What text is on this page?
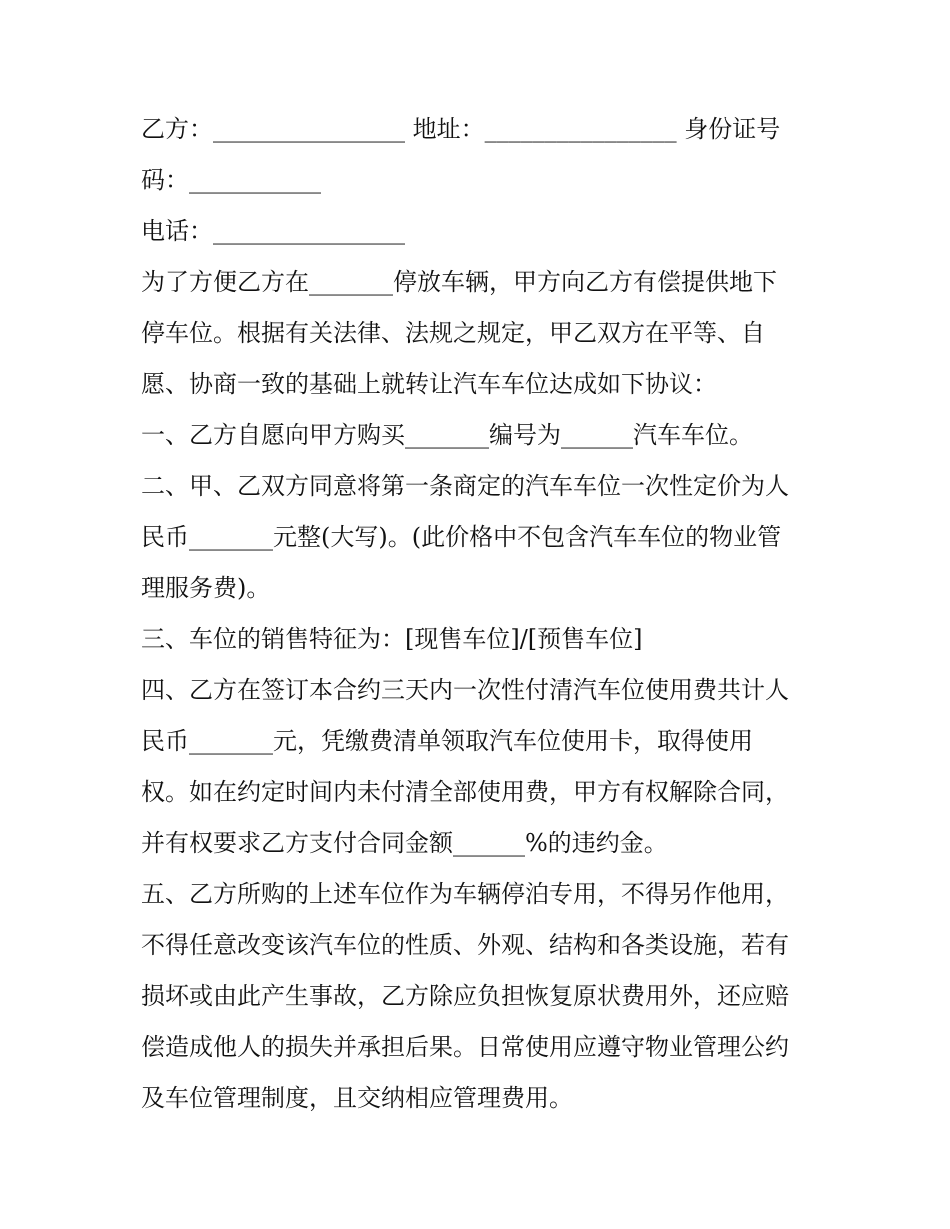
乙方：________________ 地址：________________ 身份证号
码：___________
电话：________________
为了方便乙方在_______停放车辆，甲方向乙方有偿提供地下
停车位。根据有关法律、法规之规定，甲乙双方在平等、自
愿、协商一致的基础上就转让汽车车位达成如下协议：
一、乙方自愿向甲方购买_______编号为______汽车车位。
二、甲、乙双方同意将第一条商定的汽车车位一次性定价为人
民币_______元整(大写)。(此价格中不包含汽车车位的物业管
理服务费)。
三、车位的销售特征为：[现售车位]/[预售车位]
四、乙方在签订本合约三天内一次性付清汽车位使用费共计人
民币_______元，凭缴费清单领取汽车位使用卡，取得使用
权。如在约定时间内未付清全部使用费，甲方有权解除合同，
并有权要求乙方支付合同金额______%的违约金。
五、乙方所购的上述车位作为车辆停泊专用，不得另作他用，
不得任意改变该汽车位的性质、外观、结构和各类设施，若有
损坏或由此产生事故，乙方除应负担恢复原状费用外，还应赔
偿造成他人的损失并承担后果。日常使用应遵守物业管理公约
及车位管理制度，且交纳相应管理费用。
